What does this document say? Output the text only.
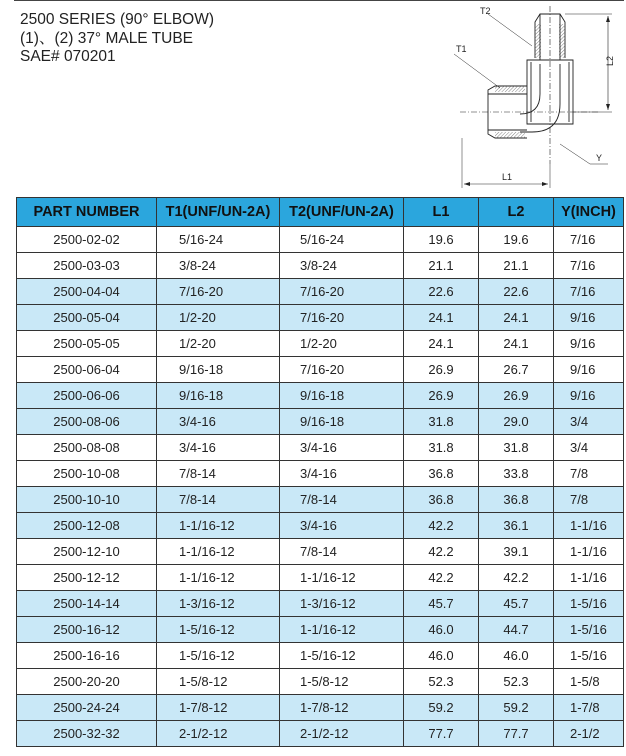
2500 SERIES (90° ELBOW)
(1)、(2) 37° MALE TUBE
SAE# 070201
T2
T1
L2
L1
Y
PART NUMBER	T1(UNF/UN-2A)	T2(UNF/UN-2A)	L1	L2	Y(INCH)
2500-02-02	5/16-24	5/16-24	19.6	19.6	7/16
2500-03-03	3/8-24	3/8-24	21.1	21.1	7/16
2500-04-04	7/16-20	7/16-20	22.6	22.6	7/16
2500-05-04	1/2-20	7/16-20	24.1	24.1	9/16
2500-05-05	1/2-20	1/2-20	24.1	24.1	9/16
2500-06-04	9/16-18	7/16-20	26.9	26.7	9/16
2500-06-06	9/16-18	9/16-18	26.9	26.9	9/16
2500-08-06	3/4-16	9/16-18	31.8	29.0	3/4
2500-08-08	3/4-16	3/4-16	31.8	31.8	3/4
2500-10-08	7/8-14	3/4-16	36.8	33.8	7/8
2500-10-10	7/8-14	7/8-14	36.8	36.8	7/8
2500-12-08	1-1/16-12	3/4-16	42.2	36.1	1-1/16
2500-12-10	1-1/16-12	7/8-14	42.2	39.1	1-1/16
2500-12-12	1-1/16-12	1-1/16-12	42.2	42.2	1-1/16
2500-14-14	1-3/16-12	1-3/16-12	45.7	45.7	1-5/16
2500-16-12	1-5/16-12	1-1/16-12	46.0	44.7	1-5/16
2500-16-16	1-5/16-12	1-5/16-12	46.0	46.0	1-5/16
2500-20-20	1-5/8-12	1-5/8-12	52.3	52.3	1-5/8
2500-24-24	1-7/8-12	1-7/8-12	59.2	59.2	1-7/8
2500-32-32	2-1/2-12	2-1/2-12	77.7	77.7	2-1/2
